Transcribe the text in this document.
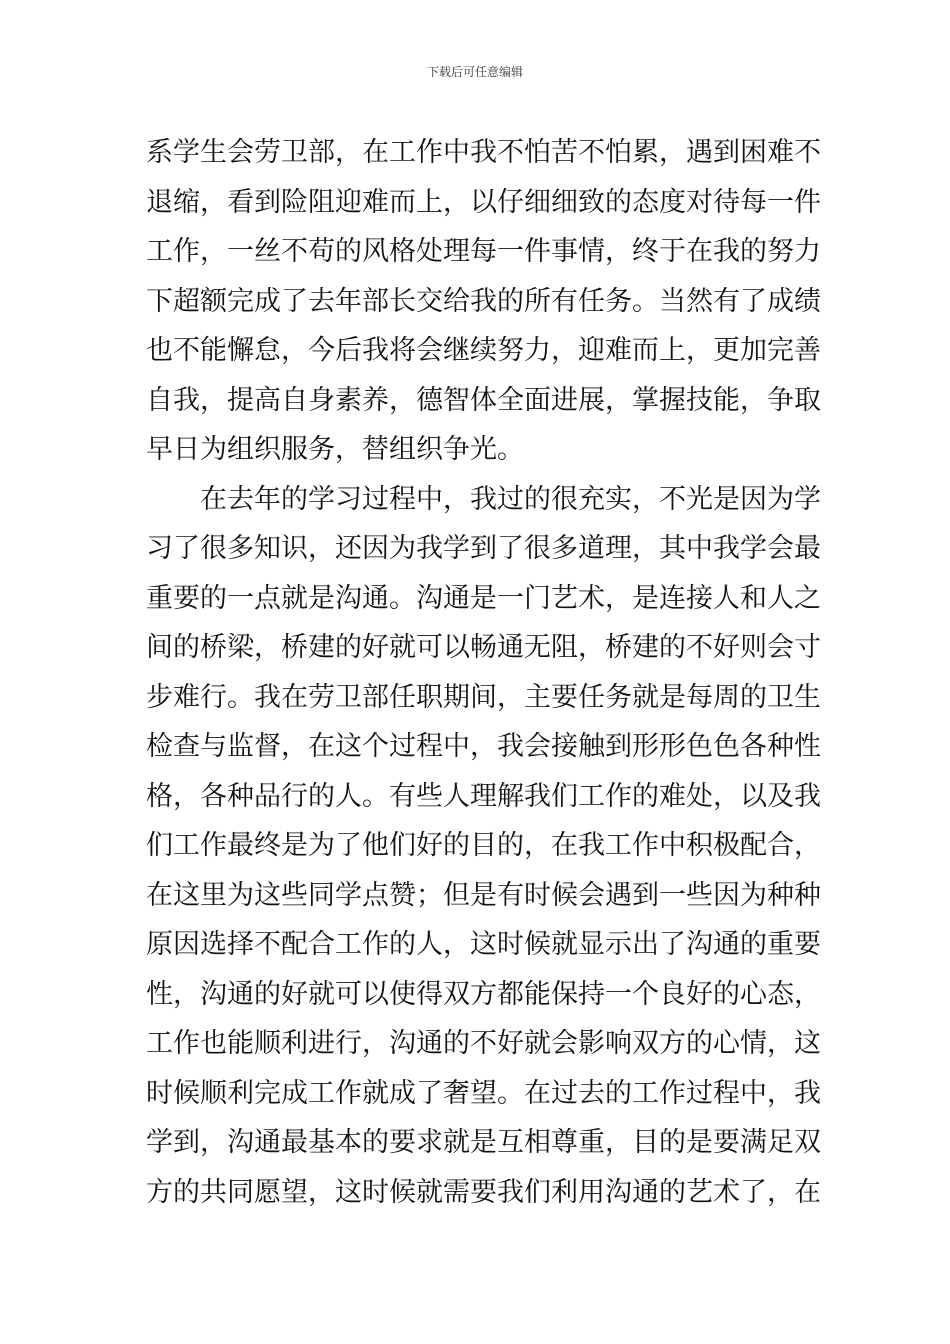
下载后可任意编辑
系学生会劳卫部，在工作中我不怕苦不怕累，遇到困难不
退缩，看到险阻迎难而上，以仔细细致的态度对待每一件
工作，一丝不苟的风格处理每一件事情，终于在我的努力
下超额完成了去年部长交给我的所有任务。当然有了成绩
也不能懈怠，今后我将会继续努力，迎难而上，更加完善
自我，提高自身素养，德智体全面进展，掌握技能，争取
早日为组织服务，替组织争光。
在去年的学习过程中，我过的很充实，不光是因为学
习了很多知识，还因为我学到了很多道理，其中我学会最
重要的一点就是沟通。沟通是一门艺术，是连接人和人之
间的桥梁，桥建的好就可以畅通无阻，桥建的不好则会寸
步难行。我在劳卫部任职期间，主要任务就是每周的卫生
检查与监督，在这个过程中，我会接触到形形色色各种性
格，各种品行的人。有些人理解我们工作的难处，以及我
们工作最终是为了他们好的目的，在我工作中积极配合，
在这里为这些同学点赞；但是有时候会遇到一些因为种种
原因选择不配合工作的人，这时候就显示出了沟通的重要
性，沟通的好就可以使得双方都能保持一个良好的心态，
工作也能顺利进行，沟通的不好就会影响双方的心情，这
时候顺利完成工作就成了奢望。在过去的工作过程中，我
学到，沟通最基本的要求就是互相尊重，目的是要满足双
方的共同愿望，这时候就需要我们利用沟通的艺术了，在
